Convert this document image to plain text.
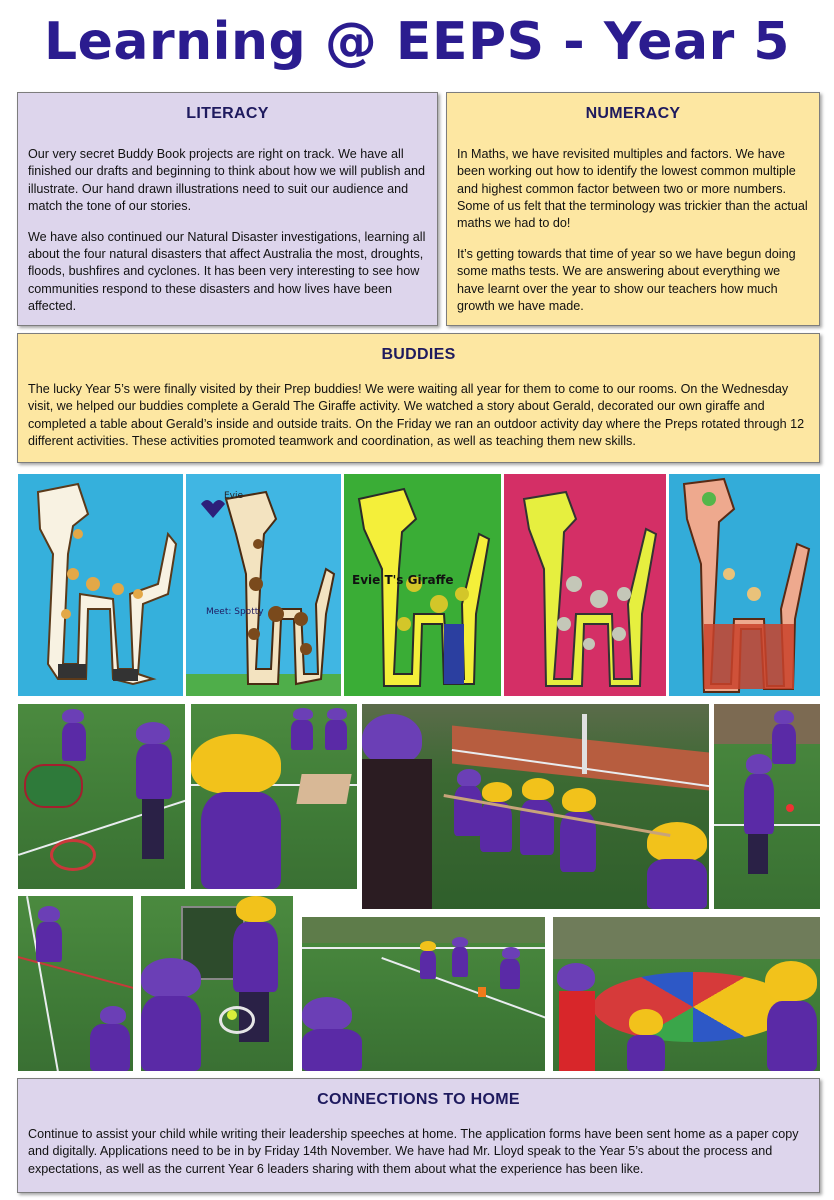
Learning @ EEPS - Year 5
LITERACY

Our very secret Buddy Book projects are right on track. We have all finished our drafts and beginning to think about how we will publish and illustrate. Our hand drawn illustrations need to suit our audience and match the tone of our stories.

We have also continued our Natural Disaster investigations, learning all about the four natural disasters that affect Australia the most, droughts, floods, bushfires and cyclones. It has been very interesting to see how communities respond to these disasters and how lives have been affected.

NUMERACY

In Maths, we have revisited multiples and factors. We have been working out how to identify the lowest common multiple and highest common factor between two or more numbers. Some of us felt that the terminology was trickier than the actual maths we had to do!

It’s getting towards that time of year so we have begun doing some maths tests. We are answering about everything we have learnt over the year to show our teachers how much growth we have made.

BUDDIES

The lucky Year 5’s were finally visited by their Prep buddies! We were waiting all year for them to come to our rooms. On the Wednesday visit, we helped our buddies complete a Gerald The Giraffe activity. We watched a story about Gerald, decorated our own giraffe and completed a table about Gerald’s inside and outside traits. On the Friday we ran an outdoor activity day where the Preps rotated through 12 different activities. These activities promoted teamwork and coordination, as well as teaching them new skills.

Meet: Spotty
Evie
Evie T's Giraffe
CONNECTIONS TO HOME

Continue to assist your child while writing their leadership speeches at home. The application forms have been sent home as a paper copy and digitally. Applications need to be in by Friday 14th November. We have had Mr. Lloyd speak to the Year 5’s about the process and expectations, as well as the current Year 6 leaders sharing with them about what the experience has been like.
